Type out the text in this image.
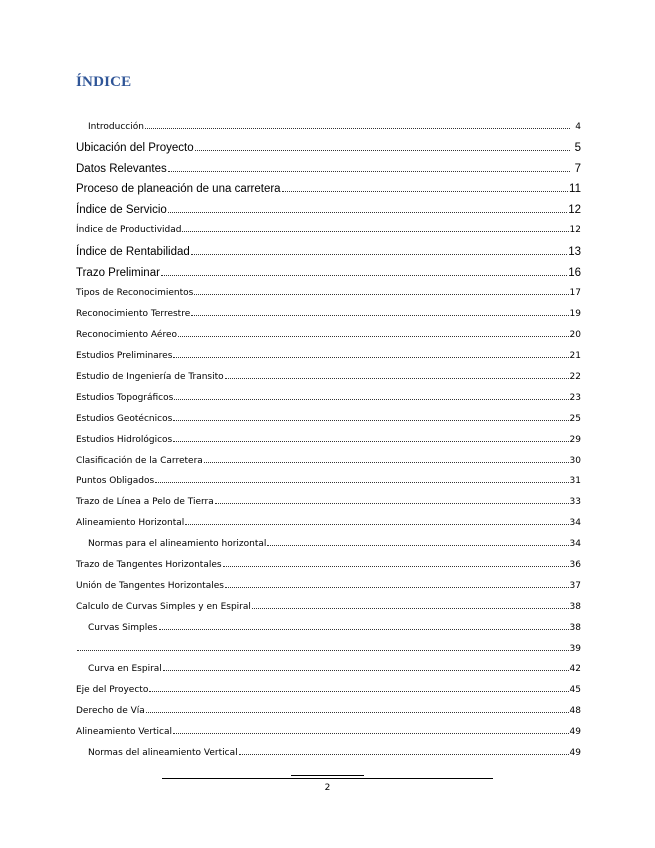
ÍNDICE
Introducción	4
Ubicación del Proyecto	5
Datos Relevantes	7
Proceso de planeación de una carretera	11
Índice de Servicio	12
Índice de Productividad	12
Índice de Rentabilidad	13
Trazo Preliminar	16
Tipos de Reconocimientos	17
Reconocimiento Terrestre	19
Reconocimiento Aéreo	20
Estudios Preliminares	21
Estudio de Ingeniería de Transito	22
Estudios Topográficos	23
Estudios Geotécnicos	25
Estudios Hidrológicos	29
Clasificación de la Carretera	30
Puntos Obligados	31
Trazo de Línea a Pelo de Tierra	33
Alineamiento Horizontal	34
Normas para el alineamiento horizontal	34
Trazo de Tangentes Horizontales	36
Unión de Tangentes Horizontales	37
Calculo de Curvas Simples y en Espiral	38
Curvas Simples	38
39
Curva en Espiral	42
Eje del Proyecto	45
Derecho de Vía	48
Alineamiento Vertical	49
Normas del alineamiento Vertical	49
2
